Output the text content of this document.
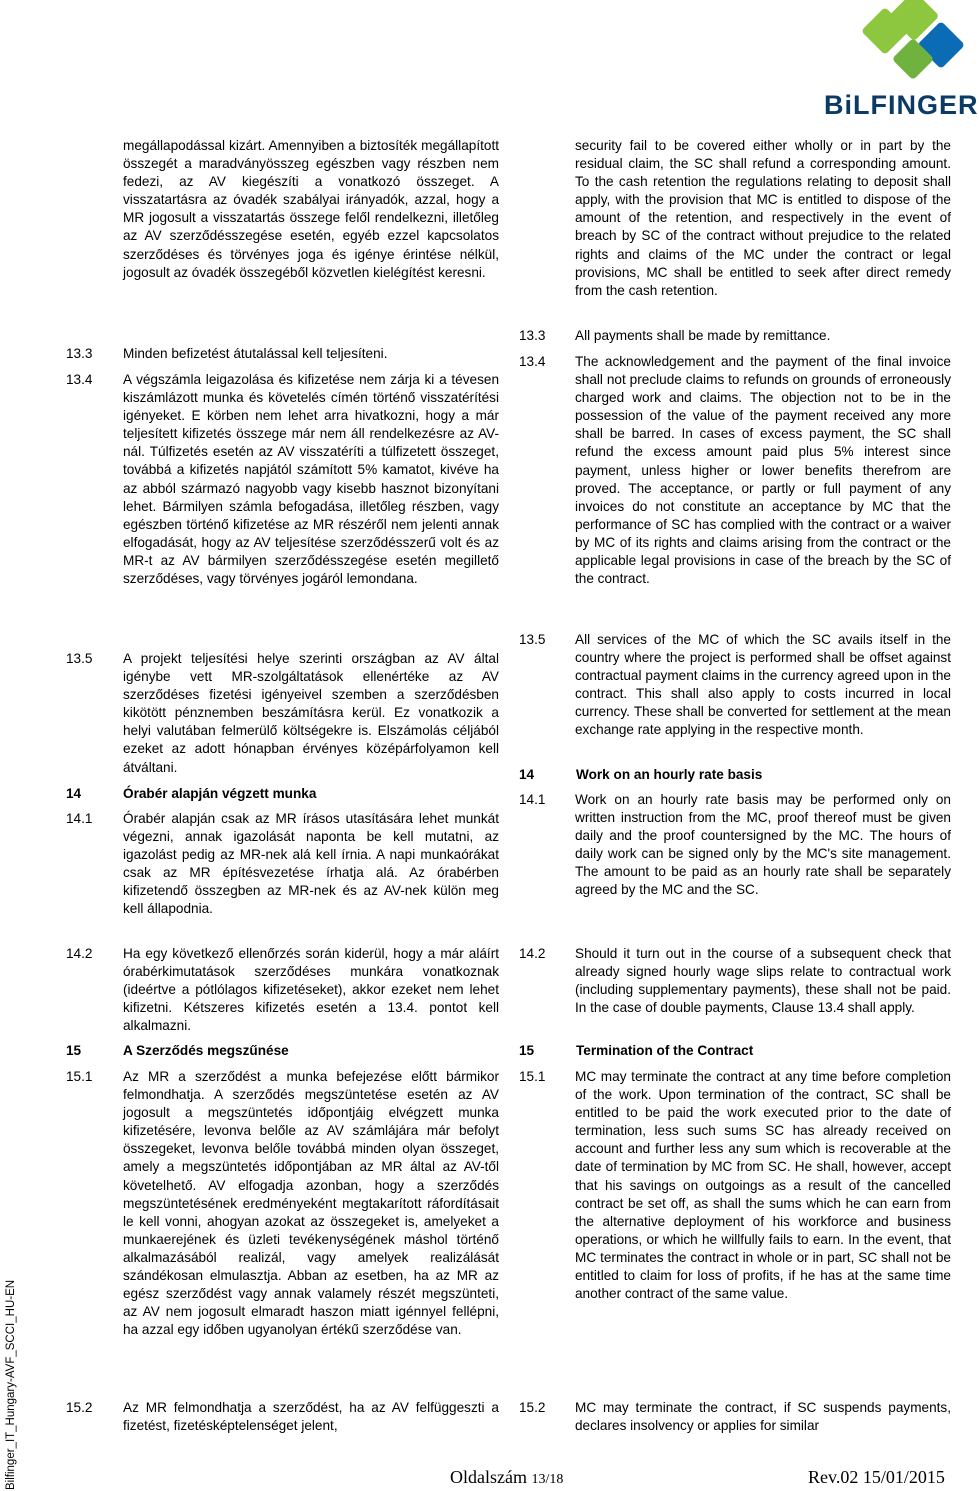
BiLFINGER
megállapodással kizárt. Amennyiben a biztosíték megállapított összegét a maradványösszeg egészben vagy részben nem fedezi, az AV kiegészíti a vonatkozó összeget. A visszatartásra az óvadék szabályai irányadók, azzal, hogy a MR jogosult a visszatartás összege felől rendelkezni, illetőleg az AV szerződésszegése esetén, egyéb ezzel kapcsolatos szerződéses és törvényes joga és igénye érintése nélkül, jogosult az óvadék összegéből közvetlen kielégítést keresni.
13.3	Minden befizetést átutalással kell teljesíteni.
13.4	A végszámla leigazolása és kifizetése nem zárja ki a tévesen kiszámlázott munka és követelés címén történő visszatérítési igényeket. E körben nem lehet arra hivatkozni, hogy a már teljesített kifizetés összege már nem áll rendelkezésre az AV-nál. Túlfizetés esetén az AV visszatéríti a túlfizetett összeget, továbbá a kifizetés napjától számított 5% kamatot, kivéve ha az abból származó nagyobb vagy kisebb hasznot bizonyítani lehet. Bármilyen számla befogadása, illetőleg részben, vagy egészben történő kifizetése az MR részéről nem jelenti annak elfogadását, hogy az AV teljesítése szerződésszerű volt és az MR-t az AV bármilyen szerződésszegése esetén megillető szerződéses, vagy törvényes jogáról lemondana.
13.5	A projekt teljesítési helye szerinti országban az AV által igénybe vett MR-szolgáltatások ellenértéke az AV szerződéses fizetési igényeivel szemben a szerződésben kikötött pénznemben beszámításra kerül. Ez vonatkozik a helyi valutában felmerülő költségekre is. Elszámolás céljából ezeket az adott hónapban érvényes középárfolyamon kell átváltani.
14	Órabér alapján végzett munka
14.1	Órabér alapján csak az MR írásos utasítására lehet munkát végezni, annak igazolását naponta be kell mutatni, az igazolást pedig az MR-nek alá kell írnia. A napi munkaórákat csak az MR építésvezetése írhatja alá. Az órabérben kifizetendő összegben az MR-nek és az AV-nek külön meg kell állapodnia.
14.2	Ha egy következő ellenőrzés során kiderül, hogy a már aláírt órabérkimutatások szerződéses munkára vonatkoznak (ideértve a pótlólagos kifizetéseket), akkor ezeket nem lehet kifizetni. Kétszeres kifizetés esetén a 13.4. pontot kell alkalmazni.
15	A Szerződés megszűnése
15.1	Az MR a szerződést a munka befejezése előtt bármikor felmondhatja. A szerződés megszüntetése esetén az AV jogosult a megszüntetés időpontjáig elvégzett munka kifizetésére, levonva belőle az AV számlájára már befolyt összegeket, levonva belőle továbbá minden olyan összeget, amely a megszüntetés időpontjában az MR által az AV-től követelhető. AV elfogadja azonban, hogy a szerződés megszüntetésének eredményeként megtakarított ráfordításait le kell vonni, ahogyan azokat az összegeket is, amelyeket a munkaerejének és üzleti tevékenységének máshol történő alkalmazásából realizál, vagy amelyek realizálását szándékosan elmulasztja. Abban az esetben, ha az MR az egész szerződést vagy annak valamely részét megszünteti, az AV nem jogosult elmaradt haszon miatt igénnyel fellépni, ha azzal egy időben ugyanolyan értékű szerződése van.
15.2	Az MR felmondhatja a szerződést, ha az AV felfüggeszti a fizetést, fizetésképtelenséget jelent,
security fail to be covered either wholly or in part by the residual claim, the SC shall refund a corresponding amount. To the cash retention the regulations relating to deposit shall apply, with the provision that MC is entitled to dispose of the amount of the retention, and respectively in the event of breach by SC of the contract without prejudice to the related rights and claims of the MC under the contract or legal provisions, MC shall be entitled to seek after direct remedy from the cash retention.
13.3	All payments shall be made by remittance.
13.4	The acknowledgement and the payment of the final invoice shall not preclude claims to refunds on grounds of erroneously charged work and claims. The objection not to be in the possession of the value of the payment received any more shall be barred. In cases of excess payment, the SC shall refund the excess amount paid plus 5% interest since payment, unless higher or lower benefits therefrom are proved. The acceptance, or partly or full payment of any invoices do not constitute an acceptance by MC that the performance of SC has complied with the contract or a waiver by MC of its rights and claims arising from the contract or the applicable legal provisions in case of the breach by the SC of the contract.
13.5	All services of the MC of which the SC avails itself in the country where the project is performed shall be offset against contractual payment claims in the currency agreed upon in the contract. This shall also apply to costs incurred in local currency. These shall be converted for settlement at the mean exchange rate applying in the respective month.
14	Work on an hourly rate basis
14.1	Work on an hourly rate basis may be performed only on written instruction from the MC, proof thereof must be given daily and the proof countersigned by the MC. The hours of daily work can be signed only by the MC's site management. The amount to be paid as an hourly rate shall be separately agreed by the MC and the SC.
14.2	Should it turn out in the course of a subsequent check that already signed hourly wage slips relate to contractual work (including supplementary payments), these shall not be paid. In the case of double payments, Clause 13.4 shall apply.
15	Termination of the Contract
15.1	MC may terminate the contract at any time before completion of the work. Upon termination of the contract, SC shall be entitled to be paid the work executed prior to the date of termination, less such sums SC has already received on account and further less any sum which is recoverable at the date of termination by MC from SC. He shall, however, accept that his savings on outgoings as a result of the cancelled contract be set off, as shall the sums which he can earn from the alternative deployment of his workforce and business operations, or which he willfully fails to earn. In the event, that MC terminates the contract in whole or in part, SC shall not be entitled to claim for loss of profits, if he has at the same time another contract of the same value.
15.2	MC may terminate the contract, if SC suspends payments, declares insolvency or applies for similar
Bilfinger_IT_Hungary-AVF_SCCI_HU-EN	Oldalszám 13/18	Rev.02 15/01/2015
